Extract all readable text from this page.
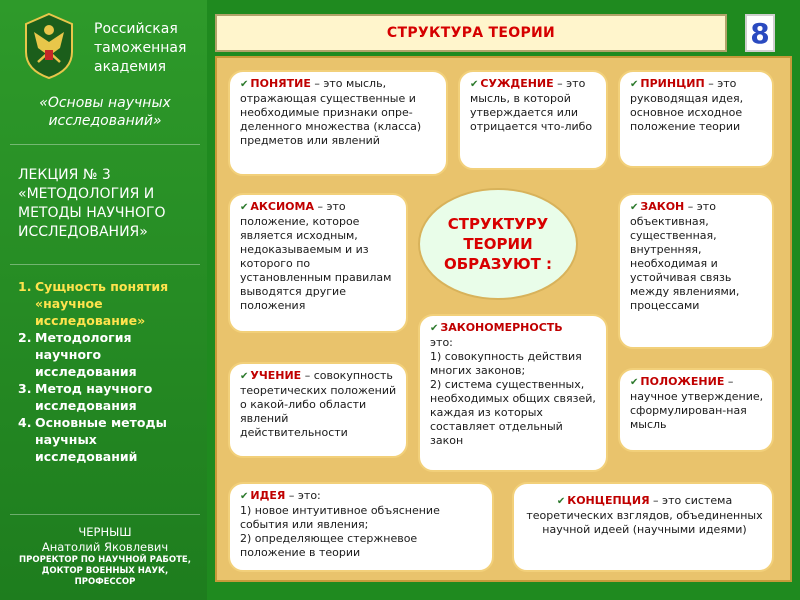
Российская таможенная академия
«Основы научных исследований»
ЛЕКЦИЯ № 3
«МЕТОДОЛОГИЯ И МЕТОДЫ НАУЧНОГО ИССЛЕДОВАНИЯ»
1. Сущность понятия «научное исследование»
2. Методология научного исследования
3. Метод научного исследования
4. Основные методы научных исследований
ЧЕРНЫШ
Анатолий Яковлевич
ПРОРЕКТОР ПО НАУЧНОЙ РАБОТЕ,
ДОКТОР ВОЕННЫХ НАУК,
ПРОФЕССОР
СТРУКТУРА ТЕОРИИ	8

✔ ПОНЯТИЕ – это мысль, отражающая существенные и необходимые признаки опре-деленного множества (класса) предметов или явлений

✔ СУЖДЕНИЕ – это мысль, в которой утверждается или отрицается что-либо

✔ ПРИНЦИП – это руководящая идея, основное исходное положение теории

✔ АКСИОМА – это положение, которое является исходным, недоказываемым и из которого по установленным правилам выводятся другие положения

СТРУКТУРУ ТЕОРИИ ОБРАЗУЮТ :

✔ ЗАКОН – это объективная, существенная, внутренняя, необходимая и устойчивая связь между явлениями, процессами

✔ ЗАКОНОМЕРНОСТЬ

это:

1) совокупность действия многих законов;

2) система существенных, необходимых общих связей, каждая из которых составляет отдельный закон

✔ УЧЕНИЕ – совокупность теоретических положений о какой-либо области явлений действительности

✔ ПОЛОЖЕНИЕ – научное утверждение, сформулирован-ная мысль

✔ ИДЕЯ – это:

1) новое интуитивное объяснение события или явления;

2) определяющее стержневое положение в теории

✔ КОНЦЕПЦИЯ – это система теоретических взглядов, объединенных научной идеей (научными идеями)
